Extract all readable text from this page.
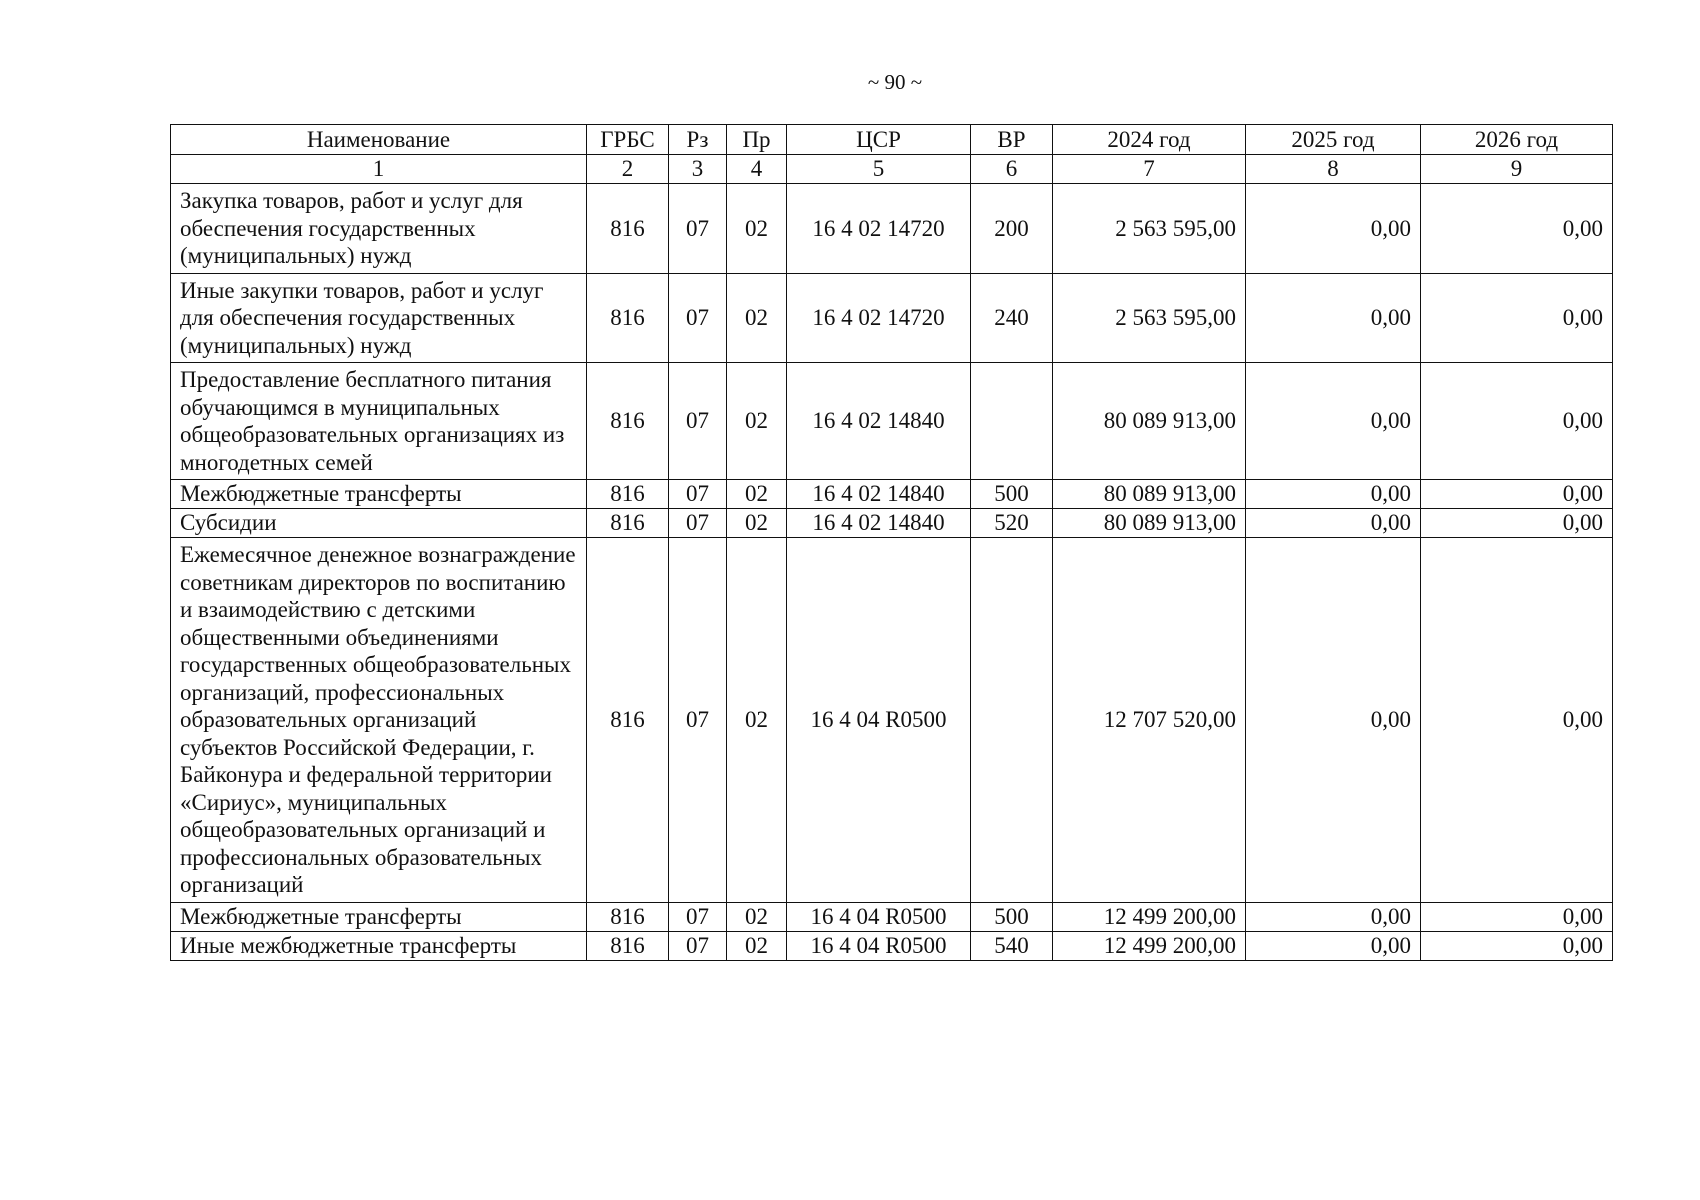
~ 90 ~
Наименование	ГРБС	Рз	Пр	ЦСР	ВР	2024 год	2025 год	2026 год
1	2	3	4	5	6	7	8	9
Закупка товаров, работ и услуг для обеспечения государственных (муниципальных) нужд	816	07	02	16 4 02 14720	200	2 563 595,00	0,00	0,00
Иные закупки товаров, работ и услуг для обеспечения государственных (муниципальных) нужд	816	07	02	16 4 02 14720	240	2 563 595,00	0,00	0,00
Предоставление бесплатного питания обучающимся в муниципальных общеобразовательных организациях из многодетных семей	816	07	02	16 4 02 14840		80 089 913,00	0,00	0,00
Межбюджетные трансферты	816	07	02	16 4 02 14840	500	80 089 913,00	0,00	0,00
Субсидии	816	07	02	16 4 02 14840	520	80 089 913,00	0,00	0,00
Ежемесячное денежное вознаграждение советникам директоров по воспитанию и взаимодействию с детскими общественными объединениями государственных общеобразовательных организаций, профессиональных образовательных организаций субъектов Российской Федерации, г. Байконура и федеральной территории «Сириус», муниципальных общеобразовательных организаций и профессиональных образовательных организаций	816	07	02	16 4 04 R0500		12 707 520,00	0,00	0,00
Межбюджетные трансферты	816	07	02	16 4 04 R0500	500	12 499 200,00	0,00	0,00
Иные межбюджетные трансферты	816	07	02	16 4 04 R0500	540	12 499 200,00	0,00	0,00
